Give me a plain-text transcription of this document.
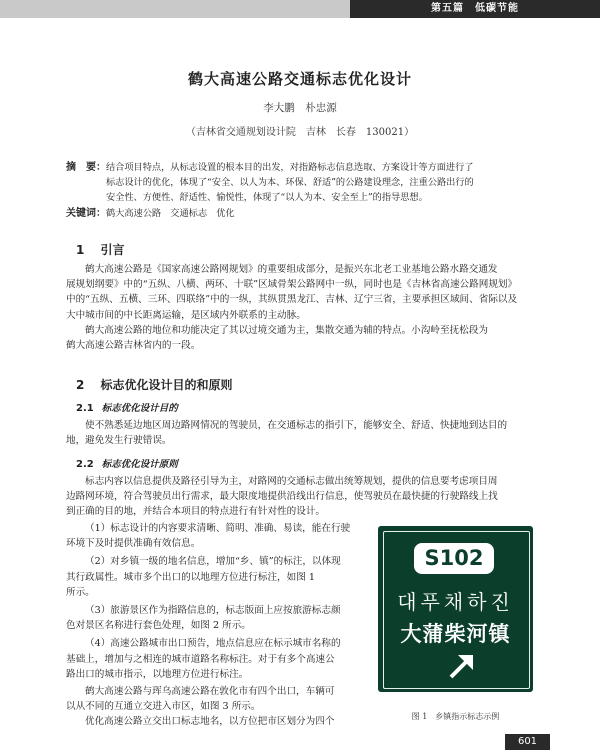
第五篇　低碳节能
鹤大高速公路交通标志优化设计
李大鹏　朴忠源
（吉林省交通规划设计院　吉林　长春　130021）
摘　要： 结合项目特点，从标志设置的根本目的出发，对指路标志信息选取、方案设计等方面进行了
标志设计的优化，体现了“安全、以人为本、环保、舒适”的公路建设理念，注重公路出行的
安全性、方便性、舒适性、愉悦性，体现了“以人为本、安全至上”的指导思想。
关键词：鹤大高速公路　交通标志　优化
1 引言
鹤大高速公路是《国家高速公路网规划》的重要组成部分，是振兴东北老工业基地公路水路交通发
展规划纲要》中的“五纵、八横、两环、十联”区域骨架公路网中一纵，同时也是《吉林省高速公路网规划》
中的“五纵、五横、三环、四联络”中的一纵，其纵贯黑龙江、吉林、辽宁三省，主要承担区域间、省际以及
大中城市间的中长距离运输，是区域内外联系的主动脉。
鹤大高速公路的地位和功能决定了其以过境交通为主，集散交通为辅的特点。小沟岭至抚松段为
鹤大高速公路吉林省内的一段。
2 标志优化设计目的和原则
2.1 标志优化设计目的
使不熟悉延边地区周边路网情况的驾驶员，在交通标志的指引下，能够安全、舒适、快捷地到达目的
地，避免发生行驶错误。
2.2 标志优化设计原则
标志内容以信息提供及路径引导为主，对路网的交通标志做出统筹规划，提供的信息要考虑项目周
边路网环境，符合驾驶员出行需求，最大限度地提供沿线出行信息，使驾驶员在最快捷的行驶路线上找
到正确的目的地，并结合本项目的特点进行有针对性的设计。
（1）标志设计的内容要求清晰、简明、准确、易读，能在行驶
环境下及时提供准确有效信息。
（2）对乡镇一级的地名信息，增加“乡、镇”的标注，以体现
其行政属性。城市多个出口的以地理方位进行标注，如图 1
所示。
（3）旅游景区作为指路信息的，标志版面上应按旅游标志颜
色对景区名称进行套色处理，如图 2 所示。
（4）高速公路城市出口预告，地点信息应在标示城市名称的
基础上，增加与之相连的城市道路名称标注。对于有多个高速公
路出口的城市指示，以地理方位进行标注。
鹤大高速公路与珲乌高速公路在敦化市有四个出口，车辆可
以从不同的互通立交进入市区，如图 3 所示。
优化高速公路立交出口标志地名，以方位把市区划分为四个
S102
대푸채하진
大蒲柴河镇
图 1　乡镇指示标志示例
601
